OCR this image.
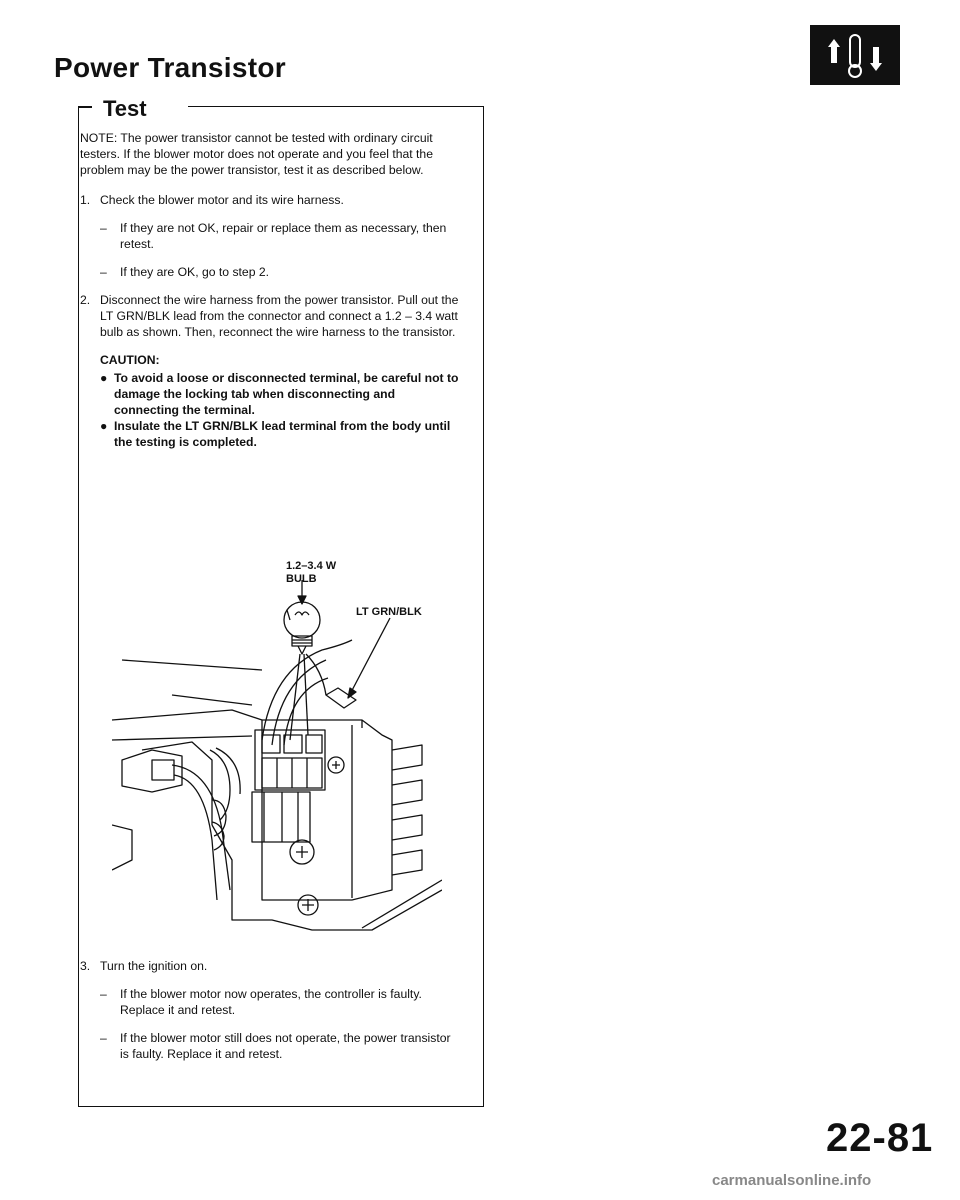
Power Transistor
Test

NOTE: The power transistor cannot be tested with ordinary circuit testers. If the blower motor does not operate and you feel that the problem may be the power transistor, test it as described below.

1. Check the blower motor and its wire harness.
– If they are not OK, repair or replace them as necessary, then retest.
– If they are OK, go to step 2.
2. Disconnect the wire harness from the power transistor. Pull out the LT GRN/BLK lead from the connector and connect a 1.2 – 3.4 watt bulb as shown. Then, reconnect the wire harness to the transistor.
CAUTION:
● To avoid a loose or disconnected terminal, be careful not to damage the locking tab when disconnecting and connecting the terminal.
● Insulate the LT GRN/BLK lead terminal from the body until the testing is completed.
1.2–3.4 W
BULB
LT GRN/BLK
3. Turn the ignition on.
– If the blower motor now operates, the controller is faulty. Replace it and retest.
– If the blower motor still does not operate, the power transistor is faulty. Replace it and retest.
22-81
carmanualsonline.info
